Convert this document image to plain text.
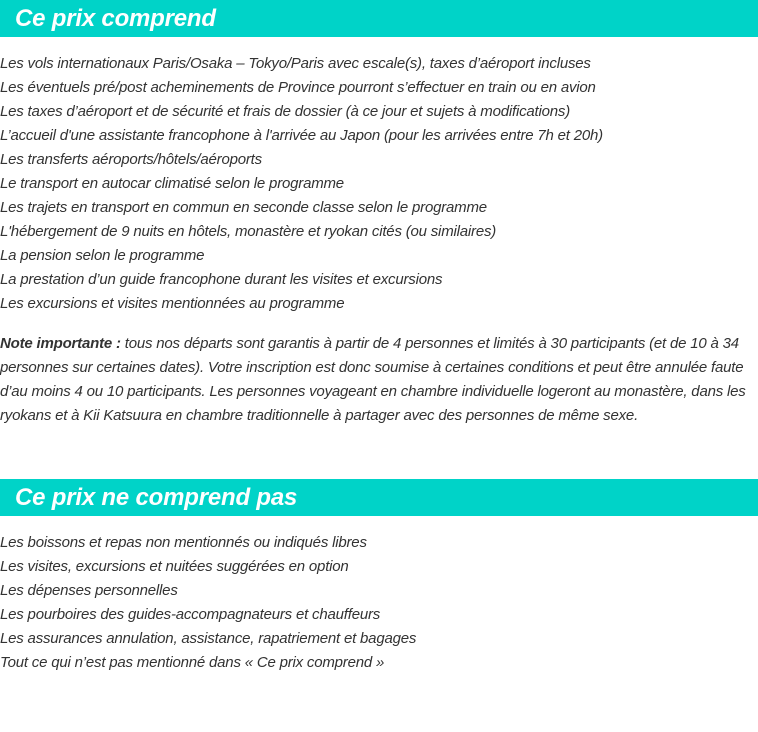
Ce prix comprend
Les vols internationaux Paris/Osaka – Tokyo/Paris avec escale(s), taxes d’aéroport incluses
Les éventuels pré/post acheminements de Province pourront s’effectuer en train ou en avion
Les taxes d’aéroport et de sécurité et frais de dossier (à ce jour et sujets à modifications)
L’accueil d'une assistante francophone à l'arrivée au Japon (pour les arrivées entre 7h et 20h)
Les transferts aéroports/hôtels/aéroports
Le transport en autocar climatisé selon le programme
Les trajets en transport en commun en seconde classe selon le programme
L'hébergement de 9 nuits en hôtels, monastère et ryokan cités (ou similaires)
La pension selon le programme
La prestation d’un guide francophone durant les visites et excursions
Les excursions et visites mentionnées au programme

Note importante : tous nos départs sont garantis à partir de 4 personnes et limités à 30 participants (et de 10 à 34 personnes sur certaines dates). Votre inscription est donc soumise à certaines conditions et peut être annulée faute d’au moins 4 ou 10 participants. Les personnes voyageant en chambre individuelle logeront au monastère, dans les ryokans et à Kii Katsuura en chambre traditionnelle à partager avec des personnes de même sexe.

Ce prix ne comprend pas
Les boissons et repas non mentionnés ou indiqués libres
Les visites, excursions et nuitées suggérées en option
Les dépenses personnelles
Les pourboires des guides-accompagnateurs et chauffeurs
Les assurances annulation, assistance, rapatriement et bagages
Tout ce qui n’est pas mentionné dans « Ce prix comprend »
